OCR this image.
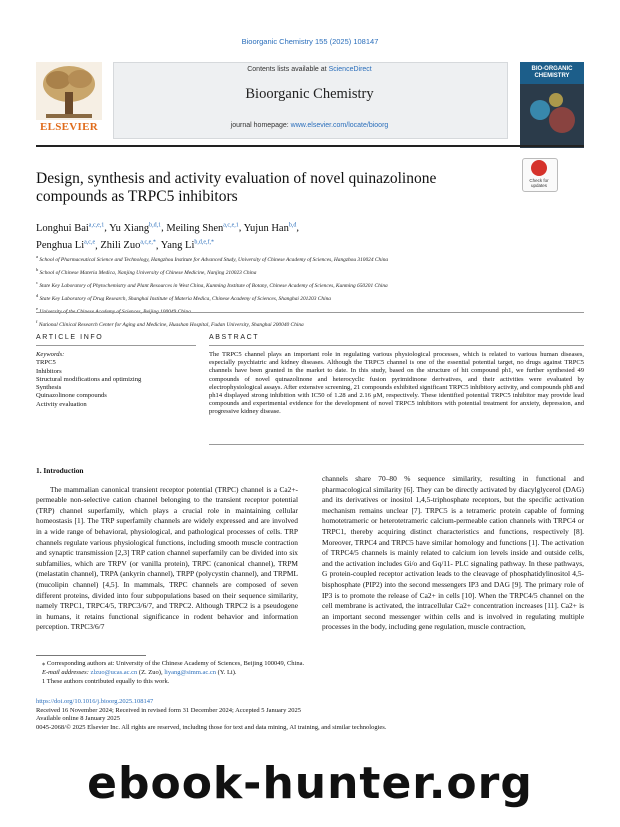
Bioorganic Chemistry 155 (2025) 108147
Contents lists available at ScienceDirect
Bioorganic Chemistry
journal homepage: www.elsevier.com/locate/bioorg
ELSEVIER
BIO-ORGANIC CHEMISTRY
Design, synthesis and activity evaluation of novel quinazolinone compounds as TRPC5 inhibitors
Check for updates
Longhui Bai$^{a,c,e,1}$, Yu Xiang$^{b,d,1}$, Meiling Shen$^{a,c,e,1}$, Yujun Han$^{b,d}$,
Penghua Li$^{a,c,e}$, Zhili Zuo$^{a,c,e,*}$, Yang $Li^{b,d,e,f,*}$
$^a$ School of Pharmaceutical Science and Technology, Hangzhou Institute for Advanced Study, University of Chinese Academy of Sciences, Hangzhou 310024 China
$^b$ School of Chinese Materia Medica, Nanjing University of Chinese Medicine, Nanjing 210023 China
$^c$ State Key Laboratory of Phytochemistry and Plant Resources in West China, Kunming Institute of Botany, Chinese Academy of Sciences, Kunming 650201 China
$^d$ State Key Laboratory of Drug Research, Shanghai Institute of Materia Medica, Chinese Academy of Sciences, Shanghai 201203 China
$^e$
$^f$ National Clinical Research Center for Aging and Medicine, Huashan Hospital, Fudan University, Shanghai 200040 China
ARTICLE INFO	ABSTRACT
Keywords:
TRPC5
Inhibitors
Structural modifications and optimizing
Synthesis
Quinazolinone compounds
Activity evaluation
The TRPC5 channel plays an important role in regulating various physiological processes, which is related to various human diseases, especially psychiatric and kidney diseases. Although the TRPC5 channel is one of the essential potential target, no drugs against TRPC5 channels have been granted in the market to date. In this study, based on the structure of hit compound ph1, we further synthesied 49 compounds of novel quinazolinone and heterocyclic fusion pyrimidinone derivatives, and their activities were evaluated by electrophysiological assays. After extensive screening, 21 compounds exhibited significant TRPC5 inhibitory activity, and compounds ph8 and ph14 displayed strong inhibition with IC50 of 1.28 and 2.16 μM, respectively. These identified potential TRPC5 inhibitor may provide lead compounds and experimental evidence for the development of novel TRPC5 inhibitors with potential treatment for anxiety, depression, and progressive kidney disease.
1. Introduction

The mammalian canonical transient receptor potential (TRPC) channel is a Ca2+-permeable non-selective cation channel belonging to the transient receptor potential (TRP) channel superfamily, which plays a crucial role in maintaining cellular homeostasis [1]. The TRP superfamily channels are widely expressed and are involved in a wide range of behavioral, physiological, and pathological processes of cells. TRP channels regulate various physiological functions, including smooth muscle contraction and synaptic transmission [2,3] TRP cation channel superfamily can be divided into six subfamilies, which are TRPV (or vanilla protein), TRPC (canonical channel), TRPM (melastatin channel), TRPA (ankyrin channel), TRPP (polycystin channel), and TRPML (mucolipin channel) [4,5]. In mammals, TRPC channels are composed of seven different proteins, divided into four subpopulations based on their sequence similarity, namely TRPC1, TRPC4/5, TRPC3/6/7, and TRPC2. Although TRPC2 is a pseudogene in humans, it retains functional significance in rodent behavior and information perception. TRPC3/6/7

channels share 70–80 % sequence similarity, resulting in functional and pharmacological similarity [6]. They can be directly activated by diacylglycerol (DAG) and its derivatives or inositol 1,4,5-triphosphate receptors, but the specific activation mechanism remains unclear [7]. TRPC5 is a tetrameric protein capable of forming homotetrameric or heterotetrameric calcium-permeable cation channels with TRPC4 or TRPC1, thereby acquiring distinct characteristics and functions, respectively [8]. Moreover, TRPC4 and TRPC5 have similar homology and functions [1]. The activation of TRPC4/5 channels is mainly related to calcium ion levels inside and outside cells, and the activation includes Gi/o and Gq/11- PLC signaling pathway. In these pathways, G protein-coupled receptor activation leads to the cleavage of phosphatidylinositol 4,5-bisphosphate (PIP2) into the second messengers IP3 and DAG [9]. The primary role of IP3 is to promote the release of Ca2+ in cells [10]. When the TRPC4/5 channel on the cell membrane is activated, the intracellular Ca2+ concentration increases [11]. Ca2+ is an important second messenger within cells and is involved in regulating multiple processes in the body, including gene regulation, muscle contraction,

⁎ Corresponding authors at: University of the Chinese Academy of Sciences, Beijing 100049, China.
E-mail addresses: zlzuo@ucas.ac.cn (Z. Zuo), liyang@simm.ac.cn (Y. Li).
1 These authors contributed equally to this work.
https://doi.org/10.1016/j.bioorg.2025.108147
Received 16 November 2024; Received in revised form 31 December 2024; Accepted 5 January 2025
Available online 8 January 2025
0045-2068/© 2025 Elsevier Inc. All rights are reserved, including those for text and data mining, AI training, and similar technologies.
ebook-hunter.org
